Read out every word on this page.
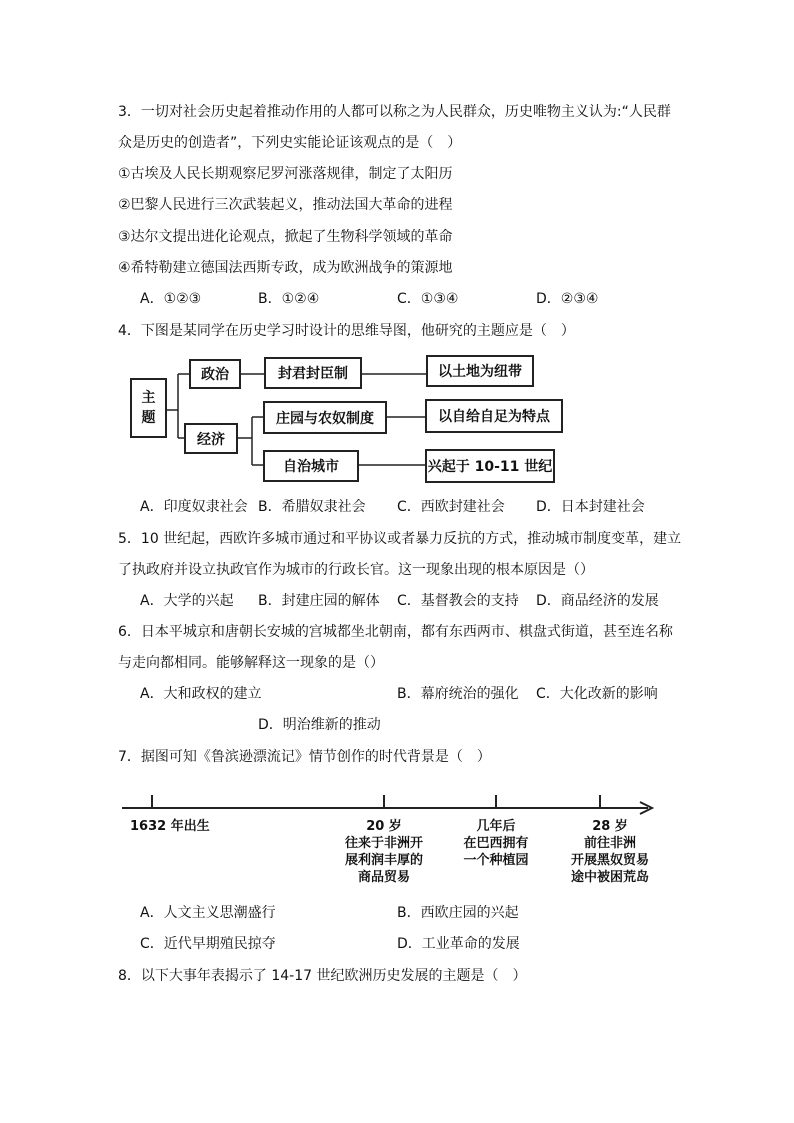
3．一切对社会历史起着推动作用的人都可以称之为人民群众，历史唯物主义认为:“人民群
众是历史的创造者”，下列史实能论证该观点的是（　）
①古埃及人民长期观察尼罗河涨落规律，制定了太阳历
②巴黎人民进行三次武装起义，推动法国大革命的进程
③达尔文提出进化论观点，掀起了生物科学领域的革命
④希特勒建立德国法西斯专政，成为欧洲战争的策源地
A．①②③	B．①②④	C．①③④	D．②③④
4．下图是某同学在历史学习时设计的思维导图，他研究的主题应是（　）
主
题
政治
经济
封君封臣制
庄园与农奴制度
自治城市
以土地为纽带
以自给自足为特点
兴起于 10-11 世纪
A．印度奴隶社会 B．希腊奴隶社会 C．西欧封建社会 D．日本封建社会
5．10 世纪起，西欧许多城市通过和平协议或者暴力反抗的方式，推动城市制度变革，建立
了执政府并设立执政官作为城市的行政长官。这一现象出现的根本原因是（）
A．大学的兴起 B．封建庄园的解体 C．基督教会的支持 D．商品经济的发展
6．日本平城京和唐朝长安城的宫城都坐北朝南，都有东西两市、棋盘式街道，甚至连名称
与走向都相同。能够解释这一现象的是（）
A．大和政权的建立	B．幕府统治的强化 C．大化改新的影响
D．明治维新的推动
7．据图可知《鲁滨逊漂流记》情节创作的时代背景是（　）
1632 年出生	20 岁
往来于非洲开
展利润丰厚的
商品贸易
几年后
在巴西拥有
一个种植园
28 岁
前往非洲
开展黑奴贸易
途中被困荒岛
A．人文主义思潮盛行	B．西欧庄园的兴起
C．近代早期殖民掠夺	D．工业革命的发展
8．以下大事年表揭示了 14-17 世纪欧洲历史发展的主题是（　）
